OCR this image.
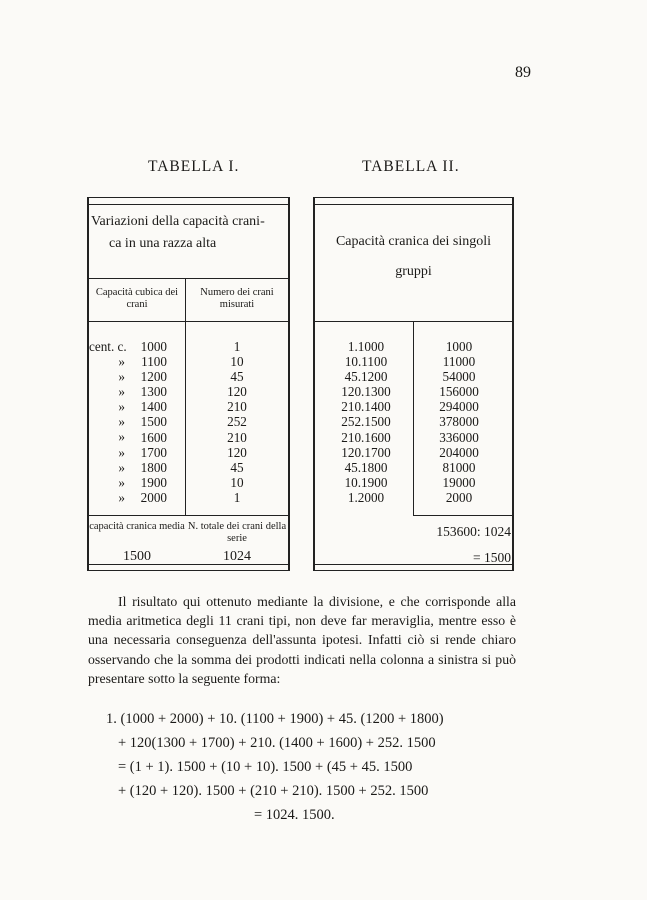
89
TABELLA I.	TABELLA II.
Variazioni della capacità crani-
ca in una razza alta
Capacità cubica dei crani
Numero dei crani misurati
cent. c.
»
»
»
»
»
»
»
»
»
»
1000
1100
1200
1300
1400
1500
1600
1700
1800
1900
2000
1
10
45
120
210
252
210
120
45
10
1
capacità cranica media N. totale dei crani della serie
1500	1024
Capacità cranica dei singoli
gruppi
1.1000
10.1100
45.1200
120.1300
210.1400
252.1500
210.1600
120.1700
45.1800
10.1900
1.2000
1000
11000
54000
156000
294000
378000
336000
204000
81000
19000
2000
153600: 1024
= 1500

Il risultato qui ottenuto mediante la divisione, e che corrisponde alla media aritmetica degli 11 crani tipi, non deve far meraviglia, mentre esso è una necessaria conseguenza dell'assunta ipotesi. Infatti ciò si rende chiaro osservando che la somma dei prodotti indicati nella colonna a sinistra si può presentare sotto la seguente forma:

1. (1000 + 2000) + 10. (1100 + 1900) + 45. (1200 + 1800)
+ 120(1300 + 1700) + 210. (1400 + 1600) + 252. 1500
= (1 + 1). 1500 + (10 + 10). 1500 + (45 + 45. 1500
+ (120 + 120). 1500 + (210 + 210). 1500 + 252. 1500
= 1024. 1500.
